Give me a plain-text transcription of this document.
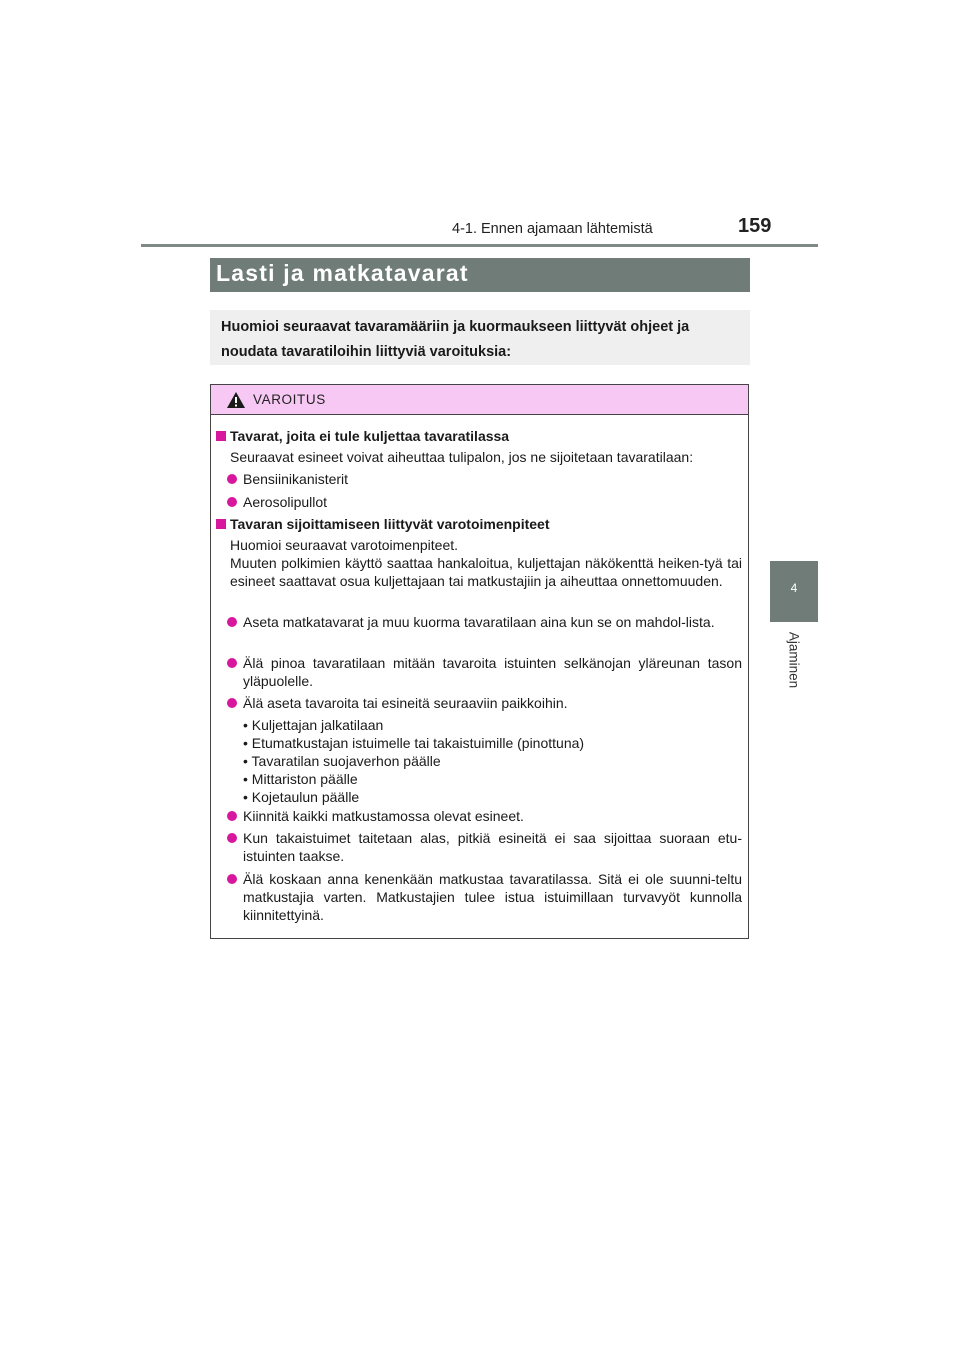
4-1. Ennen ajamaan lähtemistä	159
4
Ajaminen
Lasti ja matkatavarat

Huomioi seuraavat tavaramääriin ja kuormaukseen liittyvät ohjeet ja noudata tavaratiloihin liittyviä varoituksia:

VAROITUS
Tavarat, joita ei tule kuljettaa tavaratilassa
Seuraavat esineet voivat aiheuttaa tulipalon, jos ne sijoitetaan tavaratilaan:
Bensiinikanisterit
Aerosolipullot
Tavaran sijoittamiseen liittyvät varotoimenpiteet
Huomioi seuraavat varotoimenpiteet.
Muuten polkimien käyttö saattaa hankaloitua, kuljettajan näkökenttä heiken-tyä tai esineet saattavat osua kuljettajaan tai matkustajiin ja aiheuttaa onnettomuuden.
Aseta matkatavarat ja muu kuorma tavaratilaan aina kun se on mahdol-lista.
Älä pinoa tavaratilaan mitään tavaroita istuinten selkänojan yläreunan tason yläpuolelle.
Älä aseta tavaroita tai esineitä seuraaviin paikkoihin.
• Kuljettajan jalkatilaan
• Etumatkustajan istuimelle tai takaistuimille (pinottuna)
• Tavaratilan suojaverhon päälle
• Mittariston päälle
• Kojetaulun päälle
Kiinnitä kaikki matkustamossa olevat esineet.
Kun takaistuimet taitetaan alas, pitkiä esineitä ei saa sijoittaa suoraan etu-istuinten taakse.
Älä koskaan anna kenenkään matkustaa tavaratilassa. Sitä ei ole suunni-teltu matkustajia varten. Matkustajien tulee istua istuimillaan turvavyöt kunnolla kiinnitettyinä.
